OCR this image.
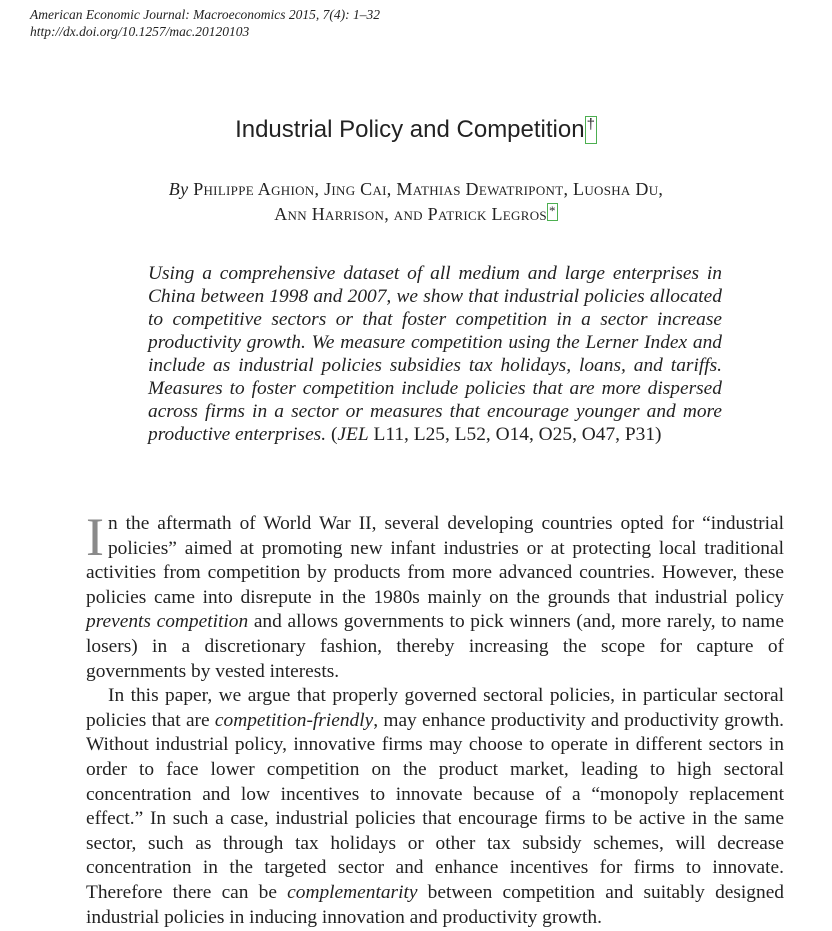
American Economic Journal: Macroeconomics 2015, 7(4): 1–32
http://dx.doi.org/10.1257/mac.20120103
Industrial Policy and Competition †
By Philippe Aghion, Jing Cai, Mathias Dewatripont, Luosha Du,
Ann Harrison, and Patrick Legros *
Using a comprehensive dataset of all medium and large enterprises in China between 1998 and 2007, we show that industrial policies allocated to competitive sectors or that foster competition in a sector increase productivity growth. We measure competition using the Lerner Index and include as industrial policies subsidies tax holidays, loans, and tariffs. Measures to foster competition include policies that are more dispersed across firms in a sector or measures that encourage younger and more productive enterprises. (JEL L11, L25, L52, O14, O25, O47, P31)

In the aftermath of World War II, several developing countries opted for “industrial policies” aimed at promoting new infant industries or at protecting local traditional activities from competition by products from more advanced countries. However, these policies came into disrepute in the 1980s mainly on the grounds that industrial policy prevents competition and allows governments to pick winners (and, more rarely, to name losers) in a discretionary fashion, thereby increasing the scope for capture of governments by vested interests.

In this paper, we argue that properly governed sectoral policies, in particular sectoral policies that are competition-friendly, may enhance productivity and productivity growth. Without industrial policy, innovative firms may choose to operate in different sectors in order to face lower competition on the product market, leading to high sectoral concentration and low incentives to innovate because of a “monopoly replacement effect.” In such a case, industrial policies that encourage firms to be active in the same sector, such as through tax holidays or other tax subsidy schemes, will decrease concentration in the targeted sector and enhance incentives for firms to innovate. Therefore there can be complementarity between competition and suitably designed industrial policies in inducing innovation and productivity growth.
